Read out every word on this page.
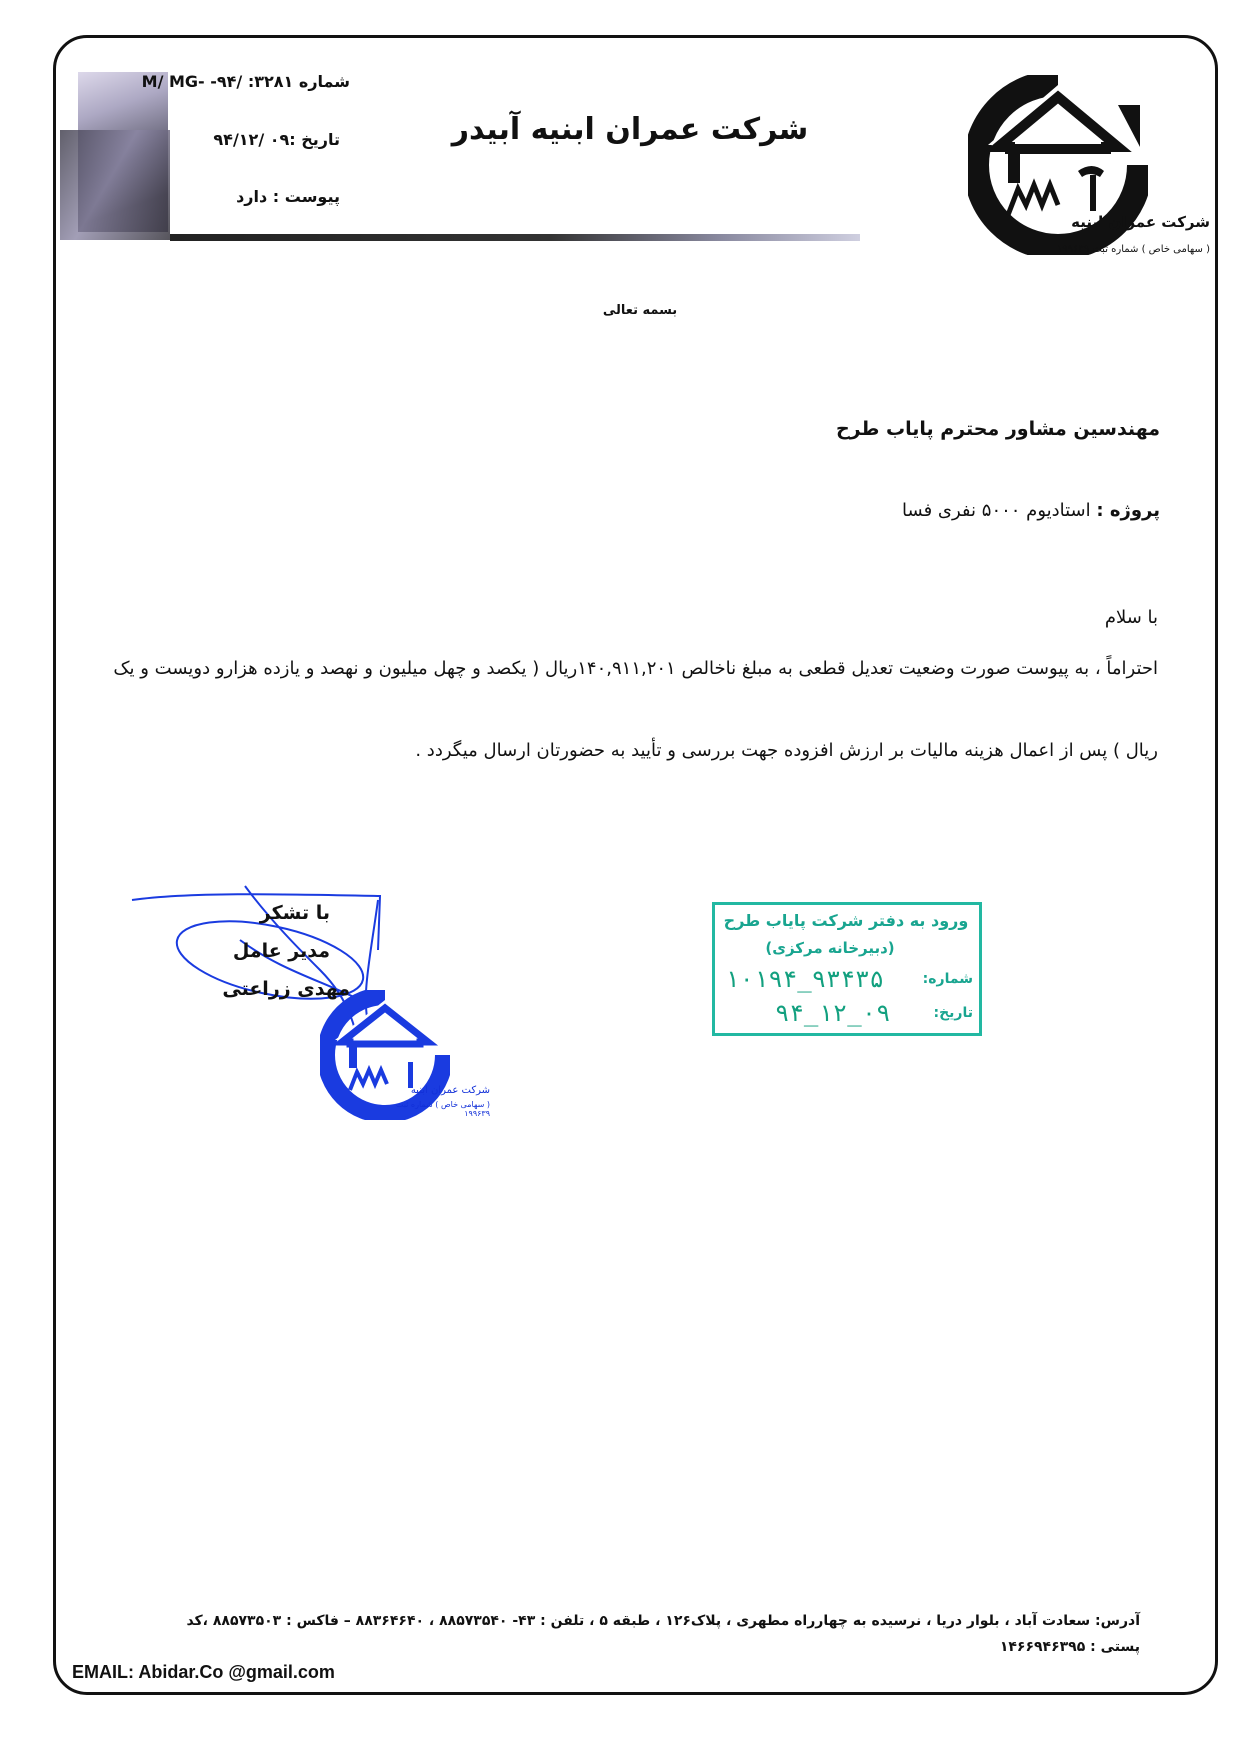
شماره ۳۲۸۱: /M/ MG- -۹۴
تاریخ :۰۹ /۹۴/۱۲
پیوست : دارد
شرکت عمران ابنیه آبیدر
شرکت عمران ابنیه
( سهامی خاص ) شماره ثبت ۱۹۹۶۳۹
بسمه تعالی
مهندسین مشاور محترم پایاب طرح
پروژه : استادیوم ۵۰۰۰ نفری فسا
با سلام
احتراماً ، به پیوست صورت وضعیت تعدیل قطعی به مبلغ ناخالص ۱۴۰,۹۱۱,۲۰۱ریال ( یکصد و چهل میلیون و نهصد و یازده هزارو دویست و یک ریال ) پس از اعمال هزینه مالیات بر ارزش افزوده جهت بررسی و تأیید به حضورتان ارسال میگردد .
با تشکر
مدیر عامل
مهدی زراعتی
شرکت عمران ابنیه
( سهامی خاص ) شماره ثبت ۱۹۹۶۳۹
ورود به دفتر شرکت پایاب طرح
(دبیرخانه مرکزی)
شماره:
۱۰۱۹۴_۹۳۴۳۵
تاریخ:
۹۴_۱۲_۰۹
آدرس: سعادت آباد ، بلوار دریا ، نرسیده به چهارراه مطهری ، پلاک۱۲۶ ، طبقه ۵ ، تلفن : ۴۳- ۸۸۵۷۳۵۴۰ ، ۸۸۳۶۴۶۴۰ – فاکس : ۸۸۵۷۳۵۰۳ ،کد پستی : ۱۴۶۶۹۴۶۳۹۵
EMAIL: Abidar.Co @gmail.com
